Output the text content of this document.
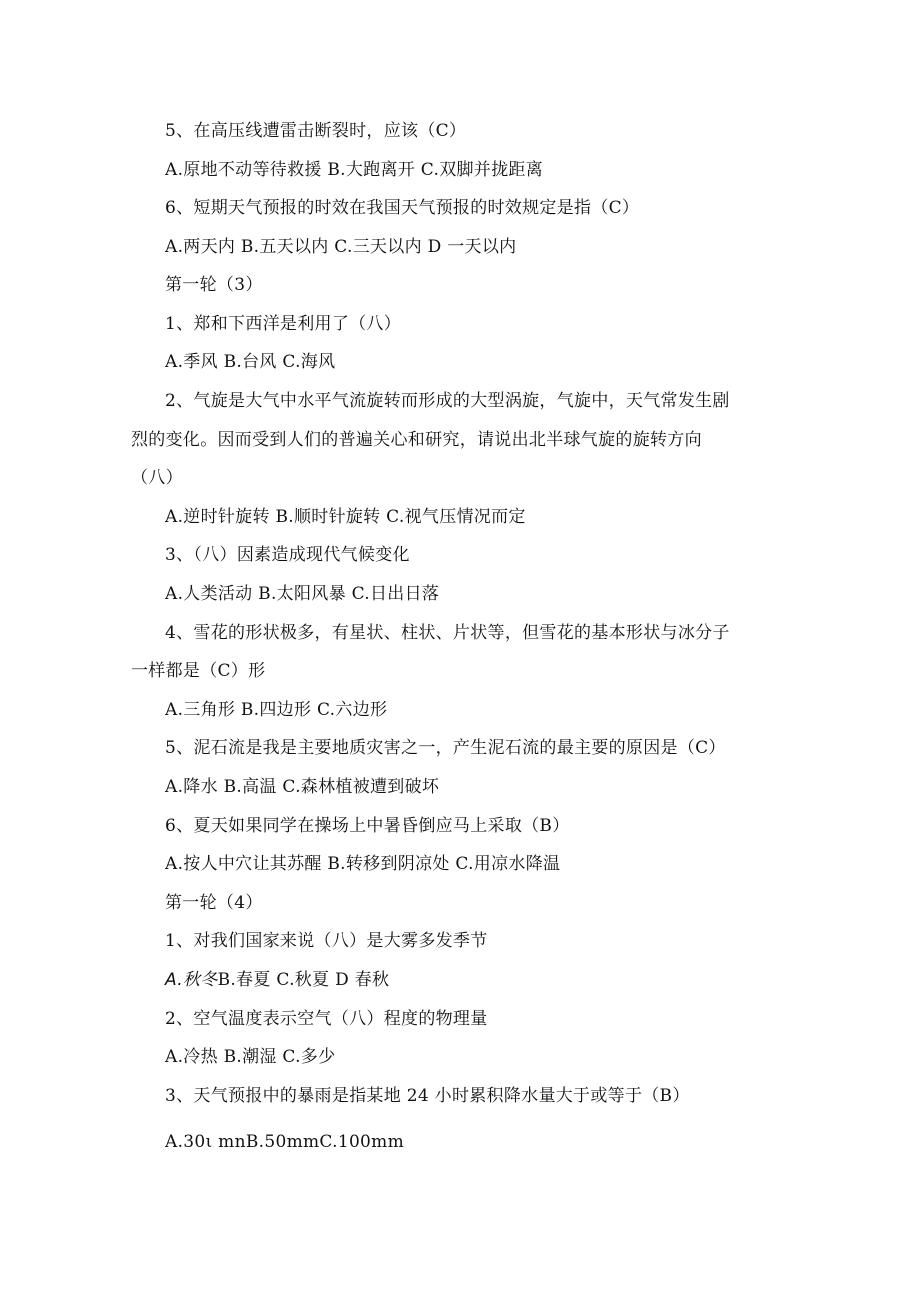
5、在高压线遭雷击断裂时，应该（C）
A.原地不动等待救援 B.大跑离开 C.双脚并拢距离
6、短期天气预报的时效在我国天气预报的时效规定是指（C）
A.两天内 B.五天以内 C.三天以内 D 一天以内
第一轮（3）
1、郑和下西洋是利用了（八）
A.季风 B.台风 C.海风
2、气旋是大气中水平气流旋转而形成的大型涡旋，气旋中，天气常发生剧
烈的变化。因而受到人们的普遍关心和研究，请说出北半球气旋的旋转方向
（八）
A.逆时针旋转 B.顺时针旋转 C.视气压情况而定
3、（八）因素造成现代气候变化
A.人类活动 B.太阳风暴 C.日出日落
4、雪花的形状极多，有星状、柱状、片状等，但雪花的基本形状与冰分子
一样都是（C）形
A.三角形 B.四边形 C.六边形
5、泥石流是我是主要地质灾害之一，产生泥石流的最主要的原因是（C）
A.降水 B.高温 C.森林植被遭到破坏
6、夏天如果同学在操场上中暑昏倒应马上采取（B）
A.按人中穴让其苏醒 B.转移到阴凉处 C.用凉水降温
第一轮（4）
1、对我们国家来说（八）是大雾多发季节
A.秋冬B.春夏 C.秋夏 D 春秋
2、空气温度表示空气（八）程度的物理量
A.冷热 B.潮湿 C.多少
3、天气预报中的暴雨是指某地 24 小时累积降水量大于或等于（B）
A.30ι mnB.50mmC.100mm
